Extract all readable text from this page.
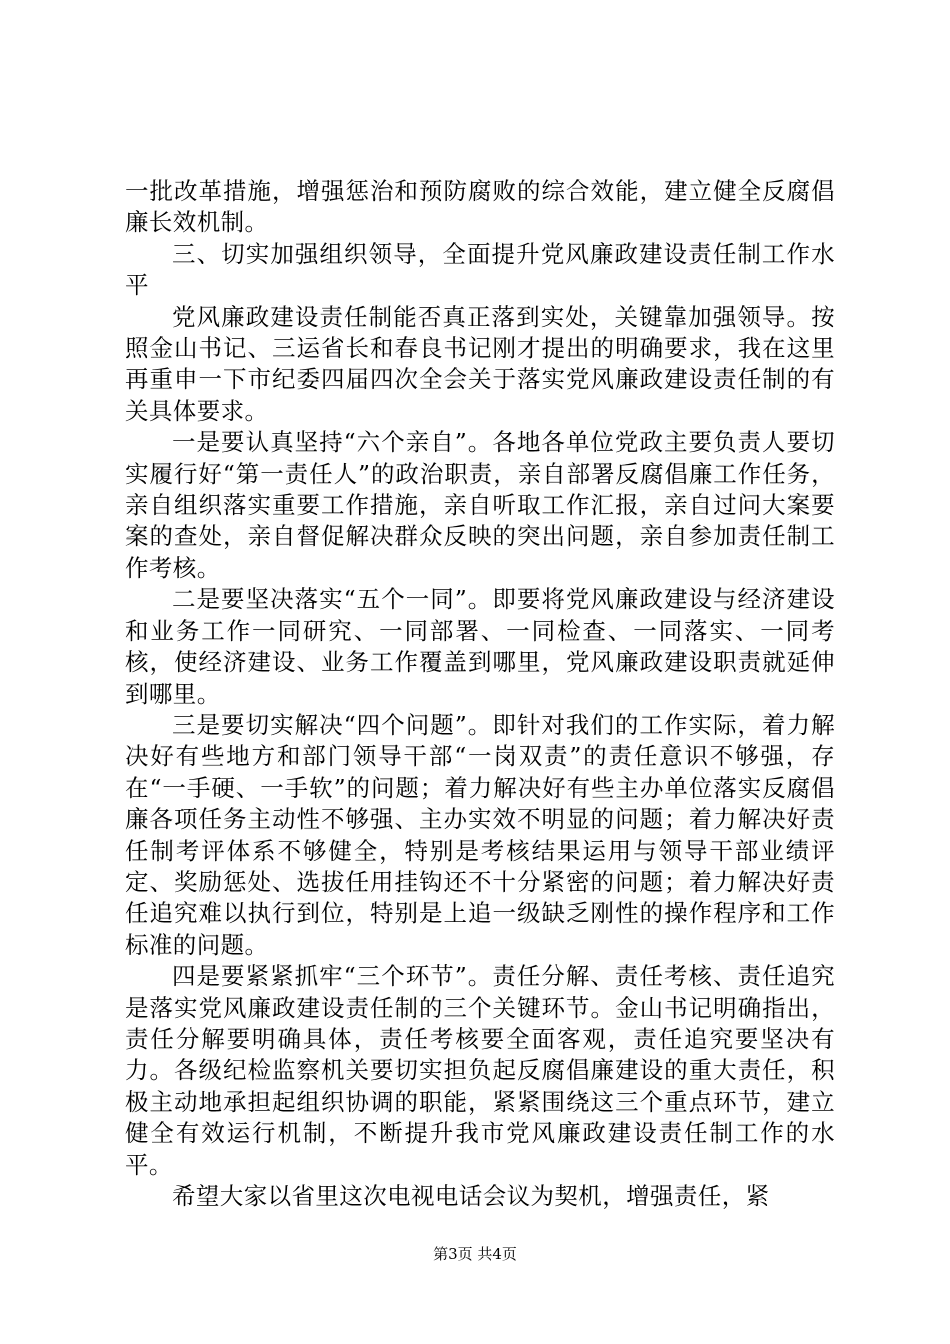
一批改革措施，增强惩治和预防腐败的综合效能，建立健全反腐倡廉长效机制。

三、切实加强组织领导，全面提升党风廉政建设责任制工作水平

党风廉政建设责任制能否真正落到实处，关键靠加强领导。按照金山书记、三运省长和春良书记刚才提出的明确要求，我在这里再重申一下市纪委四届四次全会关于落实党风廉政建设责任制的有关具体要求。

一是要认真坚持“六个亲自”。各地各单位党政主要负责人要切实履行好“第一责任人”的政治职责，亲自部署反腐倡廉工作任务，亲自组织落实重要工作措施，亲自听取工作汇报，亲自过问大案要案的查处，亲自督促解决群众反映的突出问题，亲自参加责任制工作考核。

二是要坚决落实“五个一同”。即要将党风廉政建设与经济建设和业务工作一同研究、一同部署、一同检查、一同落实、一同考核，使经济建设、业务工作覆盖到哪里，党风廉政建设职责就延伸到哪里。

三是要切实解决“四个问题”。即针对我们的工作实际，着力解决好有些地方和部门领导干部“一岗双责”的责任意识不够强，存在“一手硬、一手软”的问题；着力解决好有些主办单位落实反腐倡廉各项任务主动性不够强、主办实效不明显的问题；着力解决好责任制考评体系不够健全，特别是考核结果运用与领导干部业绩评定、奖励惩处、选拔任用挂钩还不十分紧密的问题；着力解决好责任追究难以执行到位，特别是上追一级缺乏刚性的操作程序和工作标准的问题。

四是要紧紧抓牢“三个环节”。责任分解、责任考核、责任追究是落实党风廉政建设责任制的三个关键环节。金山书记明确指出，责任分解要明确具体，责任考核要全面客观，责任追究要坚决有力。各级纪检监察机关要切实担负起反腐倡廉建设的重大责任，积极主动地承担起组织协调的职能，紧紧围绕这三个重点环节，建立健全有效运行机制，不断提升我市党风廉政建设责任制工作的水平。

希望大家以省里这次电视电话会议为契机，增强责任，紧

第3页 共4页
